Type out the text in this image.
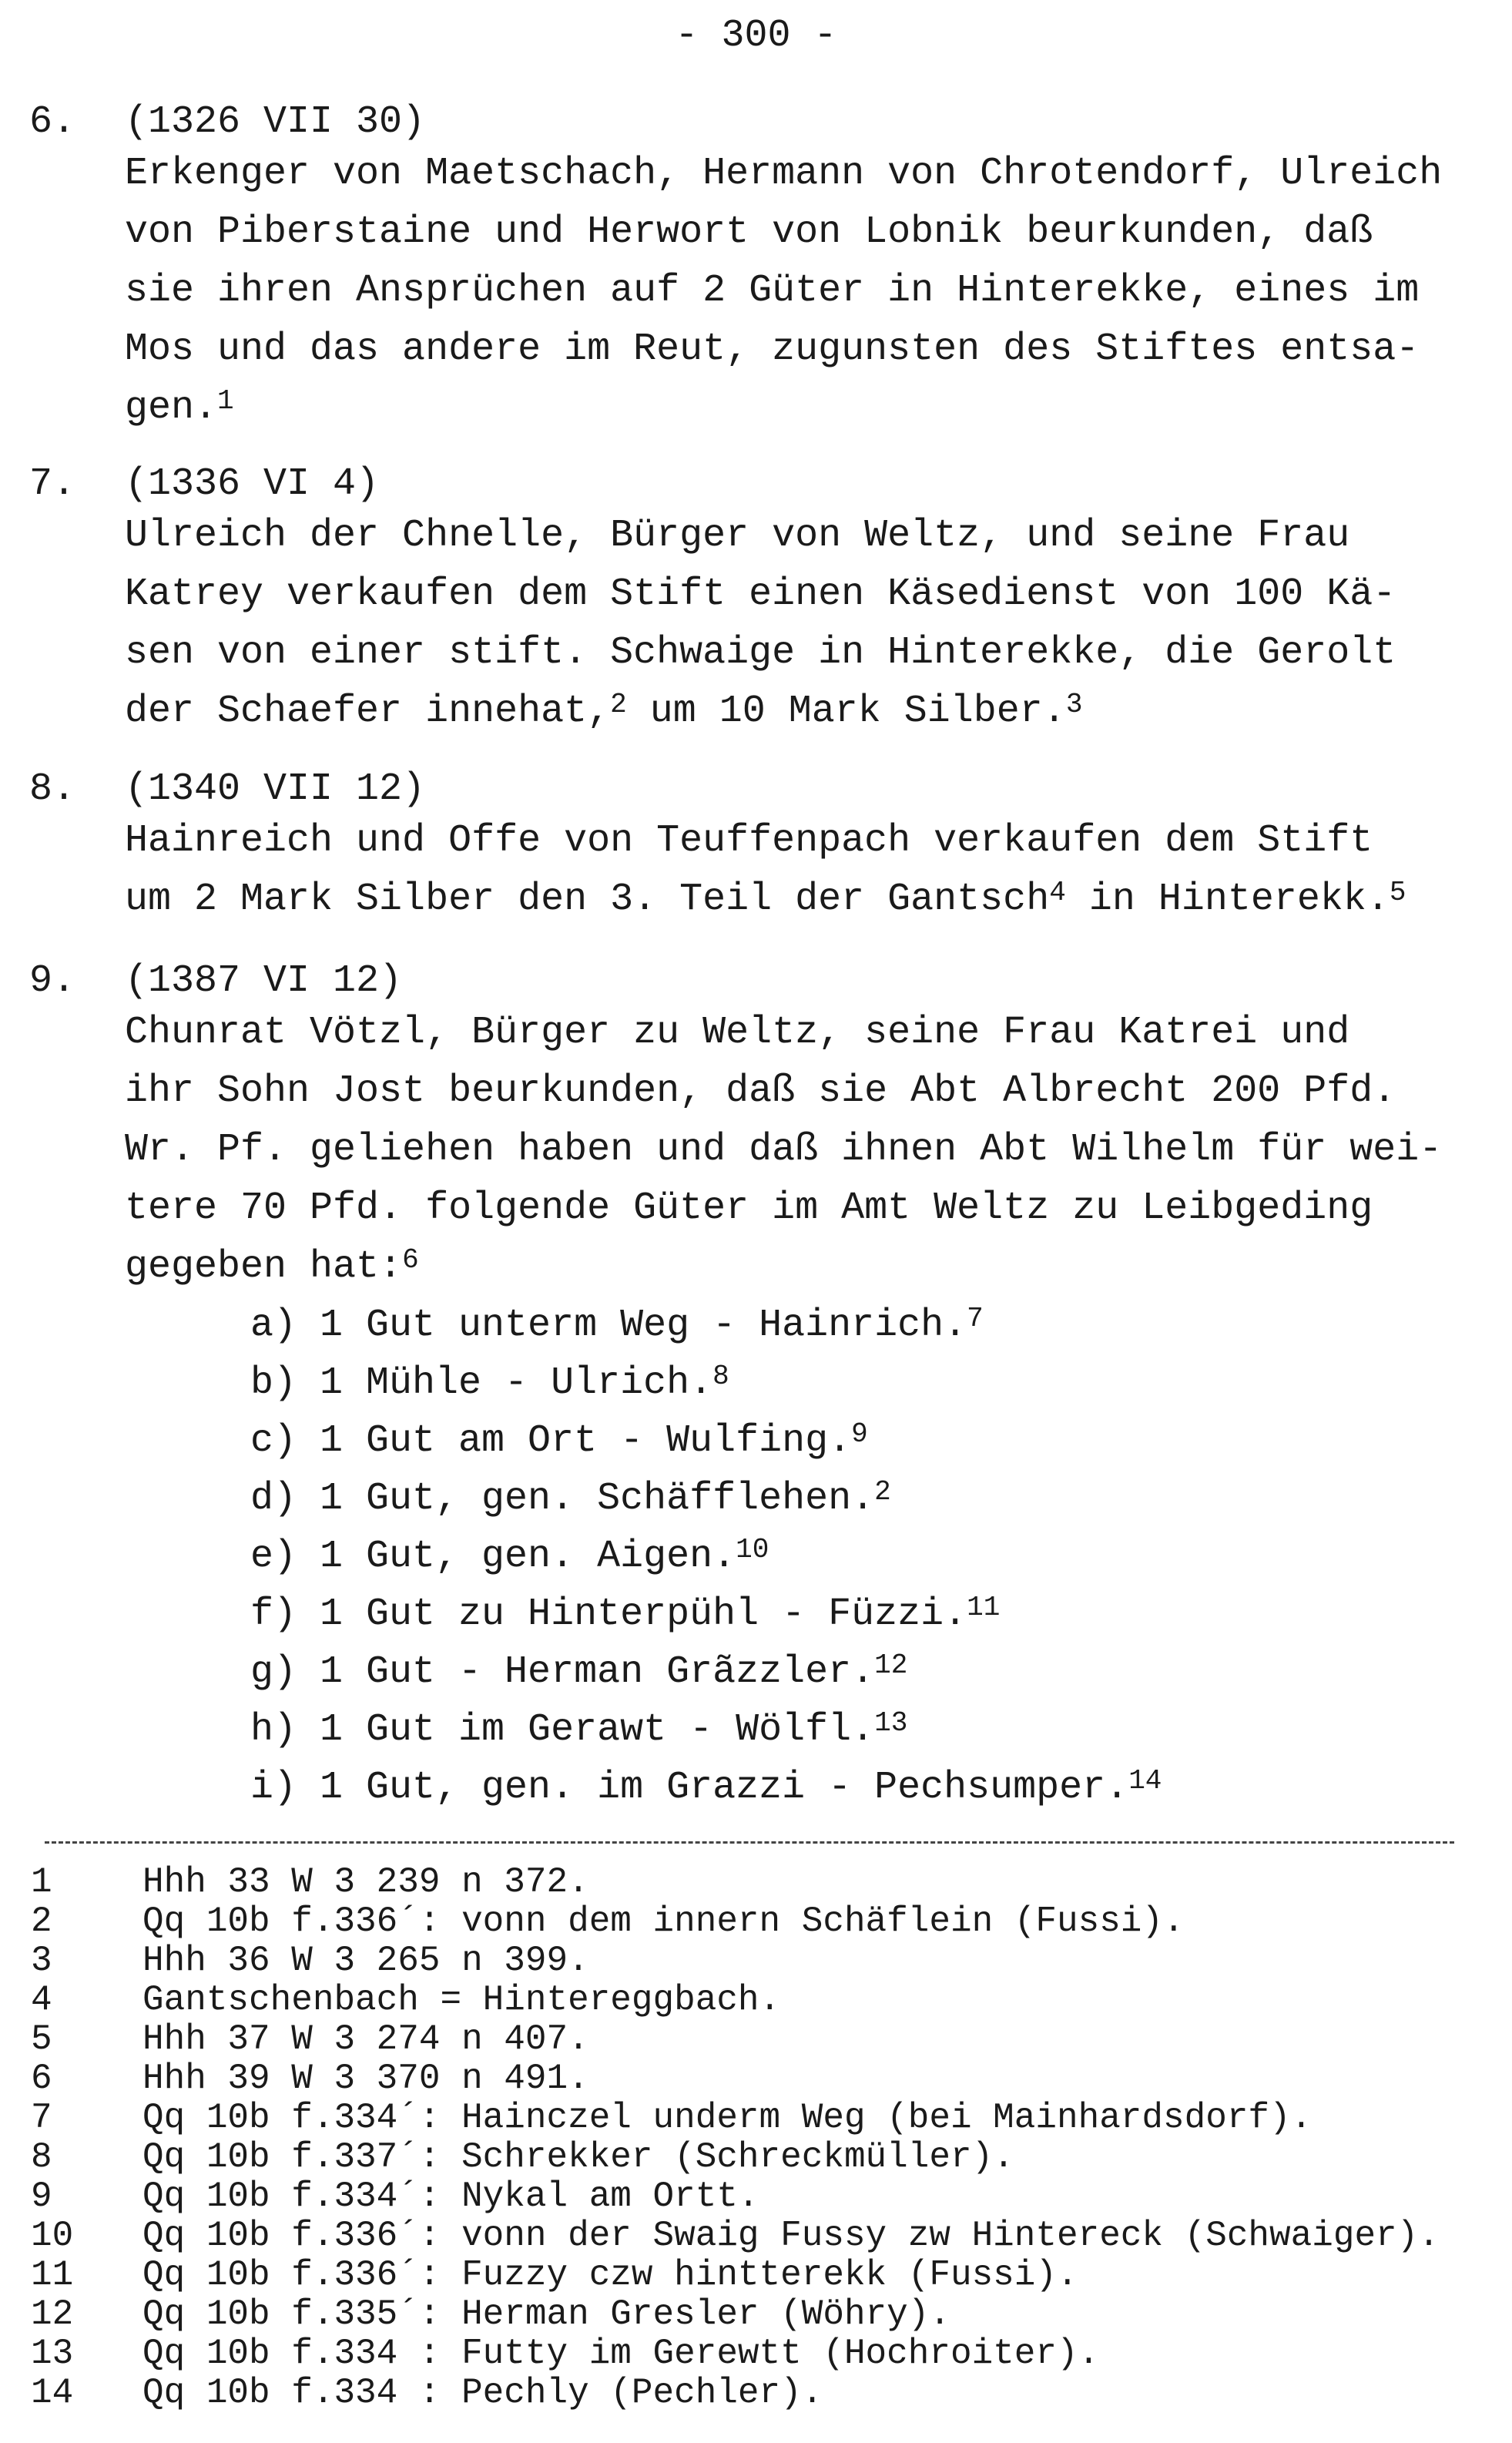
- 300 -
6. (1326 VII 30)
Erkenger von Maetschach, Hermann von Chrotendorf, Ulreich
von Piberstaine und Herwort von Lobnik beurkunden, daß
sie ihren Ansprüchen auf 2 Güter in Hinterekke, eines im
Mos und das andere im Reut, zugunsten des Stiftes entsa-
gen.$^1$
7. (1336 VI 4)
Ulreich der Chnelle, Bürger von Weltz, und seine Frau
Katrey verkaufen dem Stift einen Käsedienst von 100 Kä-
sen von einer stift. Schwaige in Hinterekke, die Gerolt
der Schaefer innehat,$^2$ um 10 Mark Silber.$^3$
8. (1340 VII 12)
Hainreich und Offe von Teuffenpach verkaufen dem Stift
um 2 Mark Silber den 3. Teil der Gantsch$^4$ in Hinterekk.$^5$
9. (1387 VI 12)
Chunrat Vötzl, Bürger zu Weltz, seine Frau Katrei und
ihr Sohn Jost beurkunden, daß sie Abt Albrecht 200 Pfd.
Wr. Pf. geliehen haben und daß ihnen Abt Wilhelm für wei-
tere 70 Pfd. folgende Güter im Amt Weltz zu Leibgeding
gegeben hat:$^6$
a) 1 Gut unterm Weg - Hainrich.$^7$
b) 1 Mühle - Ulrich.$^8$
c) 1 Gut am Ort - Wulfing.$^9$
d) 1 Gut, gen. Schäfflehen.$^2$
e) 1 Gut, gen. Aigen.$^{10}$
f) 1 Gut zu Hinterpühl - Füzzi.$^{11}$
g) 1 Gut - Herman Grãzzler.$^{12}$
h) 1 Gut im Gerawt - Wölfl.$^{13}$
i) 1 Gut, gen. im Grazzi - Pechsumper.$^{14}$
1	Hhh 33 W 3 239 n 372.
2	Qq 10b f.336´: vonn dem innern Schäflein (Fussi).
3	Hhh 36 W 3 265 n 399.
4	Gantschenbach = Hintereggbach.
5	Hhh 37 W 3 274 n 407.
6	Hhh 39 W 3 370 n 491.
7	Qq 10b f.334´: Hainczel underm Weg (bei Mainhardsdorf).
8	Qq 10b f.337´: Schrekker (Schreckmüller).
9	Qq 10b f.334´: Nykal am Ortt.
10	Qq 10b f.336´: vonn der Swaig Fussy zw Hintereck (Schwaiger).
11	Qq 10b f.336´: Fuzzy czw hintterekk (Fussi).
12	Qq 10b f.335´: Herman Gresler (Wöhry).
13	Qq 10b f.334 : Futty im Gerewtt (Hochroiter).
14	Qq 10b f.334 : Pechly (Pechler).
